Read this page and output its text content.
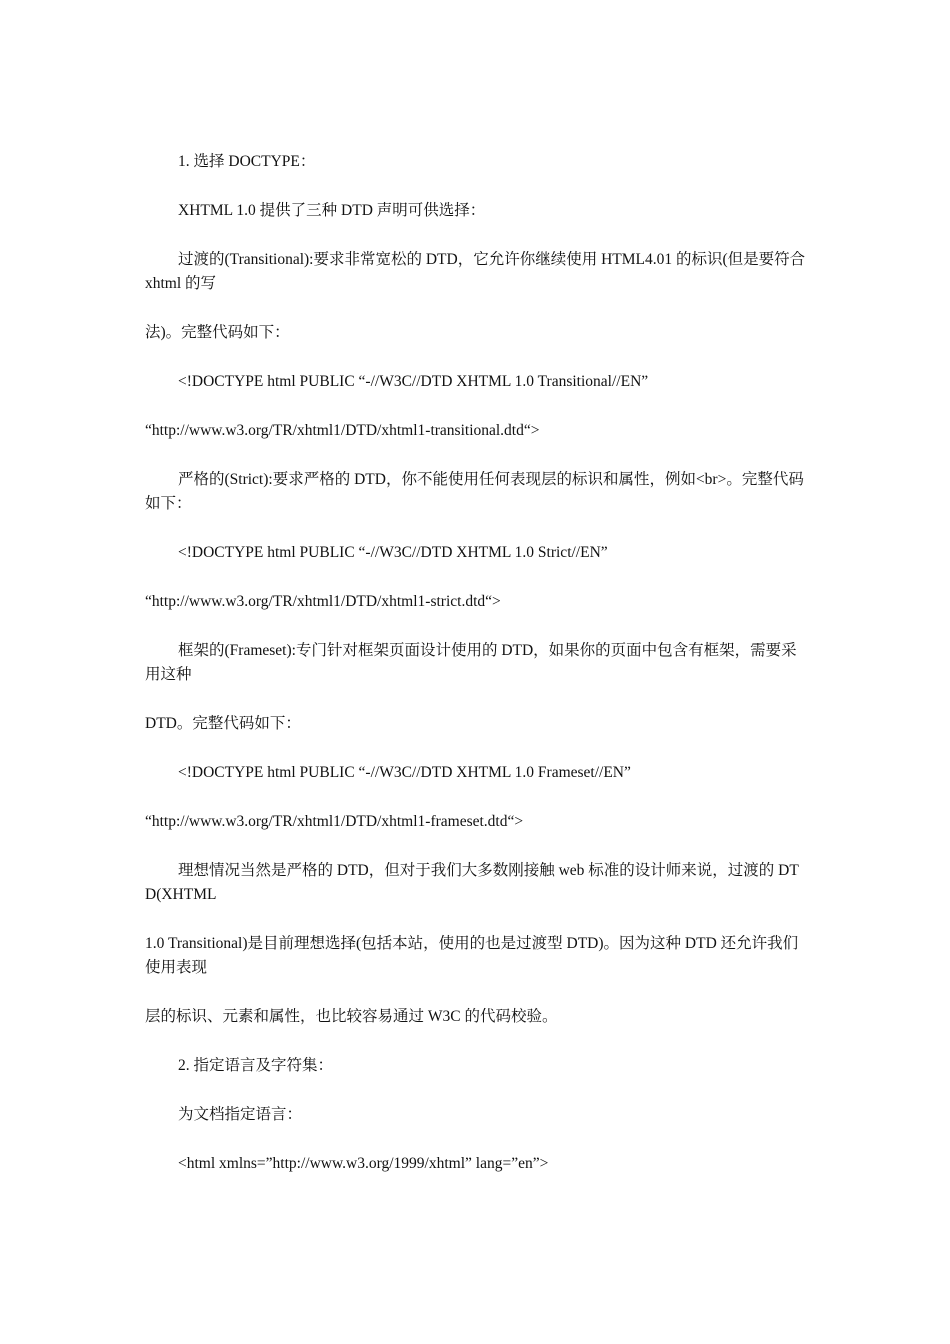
1. 选择 DOCTYPE：

XHTML 1.0 提供了三种 DTD 声明可供选择：

过渡的(Transitional):要求非常宽松的 DTD，它允许你继续使用 HTML4.01 的标识(但是要符合 xhtml 的写

法)。完整代码如下：

<!DOCTYPE html PUBLIC “-//W3C//DTD XHTML 1.0 Transitional//EN”

“http://www.w3.org/TR/xhtml1/DTD/xhtml1-transitional.dtd“>

严格的(Strict):要求严格的 DTD，你不能使用任何表现层的标识和属性，例如<br>。完整代码如下：

<!DOCTYPE html PUBLIC “-//W3C//DTD XHTML 1.0 Strict//EN”

“http://www.w3.org/TR/xhtml1/DTD/xhtml1-strict.dtd“>

框架的(Frameset):专门针对框架页面设计使用的 DTD，如果你的页面中包含有框架，需要采用这种

DTD。完整代码如下：

<!DOCTYPE html PUBLIC “-//W3C//DTD XHTML 1.0 Frameset//EN”

“http://www.w3.org/TR/xhtml1/DTD/xhtml1-frameset.dtd“>

理想情况当然是严格的 DTD，但对于我们大多数刚接触 web 标准的设计师来说，过渡的 DTD(XHTML

1.0 Transitional)是目前理想选择(包括本站，使用的也是过渡型 DTD)。因为这种 DTD 还允许我们使用表现

层的标识、元素和属性，也比较容易通过 W3C 的代码校验。

2. 指定语言及字符集：

为文档指定语言：

<html xmlns=”http://www.w3.org/1999/xhtml” lang=”en”>
